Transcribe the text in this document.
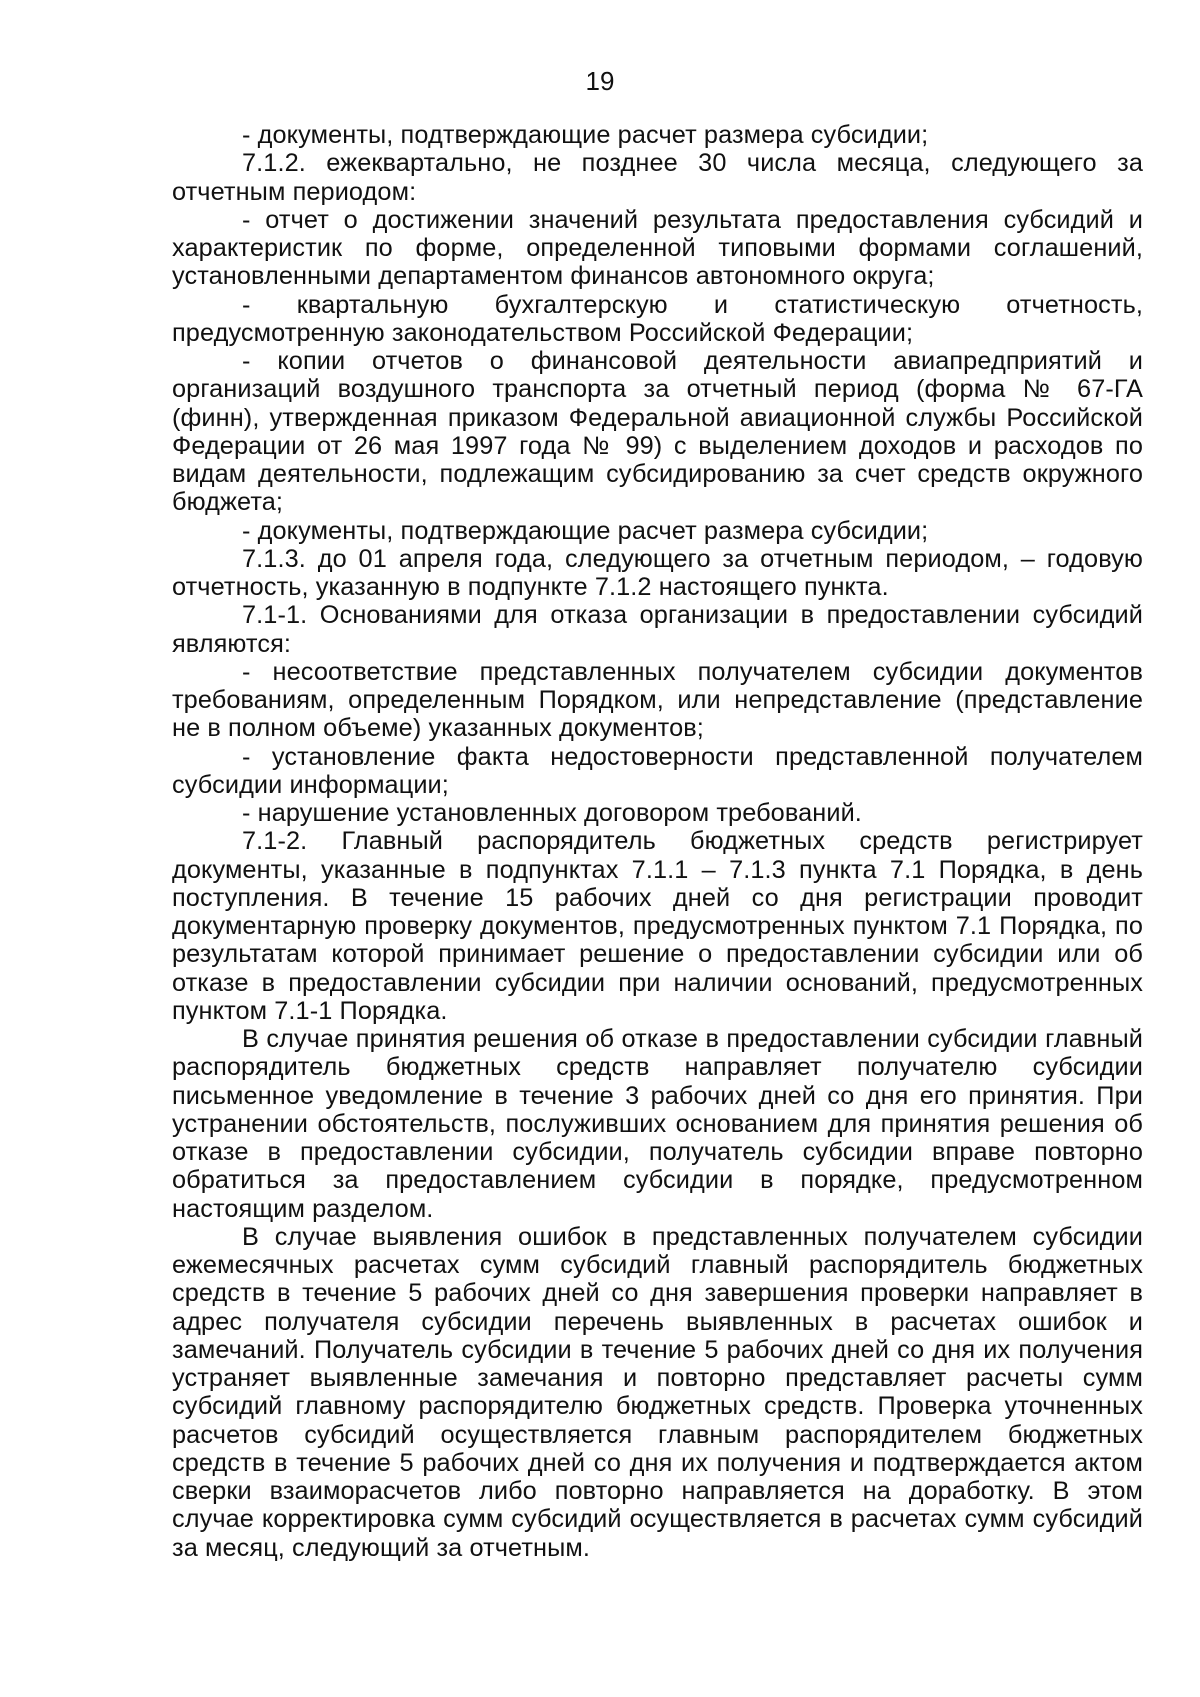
19

- документы, подтверждающие расчет размера субсидии;

7.1.2. ежеквартально, не позднее 30 числа месяца, следующего за отчетным периодом:

- отчет о достижении значений результата предоставления субсидий и характеристик по форме, определенной типовыми формами соглашений, установленными департаментом финансов автономного округа;

- квартальную бухгалтерскую и статистическую отчетность, предусмотренную законодательством Российской Федерации;

- копии отчетов о финансовой деятельности авиапредприятий и организаций воздушного транспорта за отчетный период (форма № 67-ГА (финн), утвержденная приказом Федеральной авиационной службы Российской Федерации от 26 мая 1997 года № 99) с выделением доходов и расходов по видам деятельности, подлежащим субсидированию за счет средств окружного бюджета;

- документы, подтверждающие расчет размера субсидии;

7.1.3. до 01 апреля года, следующего за отчетным периодом, – годовую отчетность, указанную в подпункте 7.1.2 настоящего пункта.

7.1-1. Основаниями для отказа организации в предоставлении субсидий являются:

- несоответствие представленных получателем субсидии документов требованиям, определенным Порядком, или непредставление (представление не в полном объеме) указанных документов;

- установление факта недостоверности представленной получателем субсидии информации;

- нарушение установленных договором требований.

7.1-2. Главный распорядитель бюджетных средств регистрирует документы, указанные в подпунктах 7.1.1 – 7.1.3 пункта 7.1 Порядка, в день поступления. В течение 15 рабочих дней со дня регистрации проводит документарную проверку документов, предусмотренных пунктом 7.1 Порядка, по результатам которой принимает решение о предоставлении субсидии или об отказе в предоставлении субсидии при наличии оснований, предусмотренных пунктом 7.1-1 Порядка.

В случае принятия решения об отказе в предоставлении субсидии главный распорядитель бюджетных средств направляет получателю субсидии письменное уведомление в течение 3 рабочих дней со дня его принятия. При устранении обстоятельств, послуживших основанием для принятия решения об отказе в предоставлении субсидии, получатель субсидии вправе повторно обратиться за предоставлением субсидии в порядке, предусмотренном настоящим разделом.

В случае выявления ошибок в представленных получателем субсидии ежемесячных расчетах сумм субсидий главный распорядитель бюджетных средств в течение 5 рабочих дней со дня завершения проверки направляет в адрес получателя субсидии перечень выявленных в расчетах ошибок и замечаний. Получатель субсидии в течение 5 рабочих дней со дня их получения устраняет выявленные замечания и повторно представляет расчеты сумм субсидий главному распорядителю бюджетных средств. Проверка уточненных расчетов субсидий осуществляется главным распорядителем бюджетных средств в течение 5 рабочих дней со дня их получения и подтверждается актом сверки взаиморасчетов либо повторно направляется на доработку. В этом случае корректировка сумм субсидий осуществляется в расчетах сумм субсидий за месяц, следующий за отчетным.
